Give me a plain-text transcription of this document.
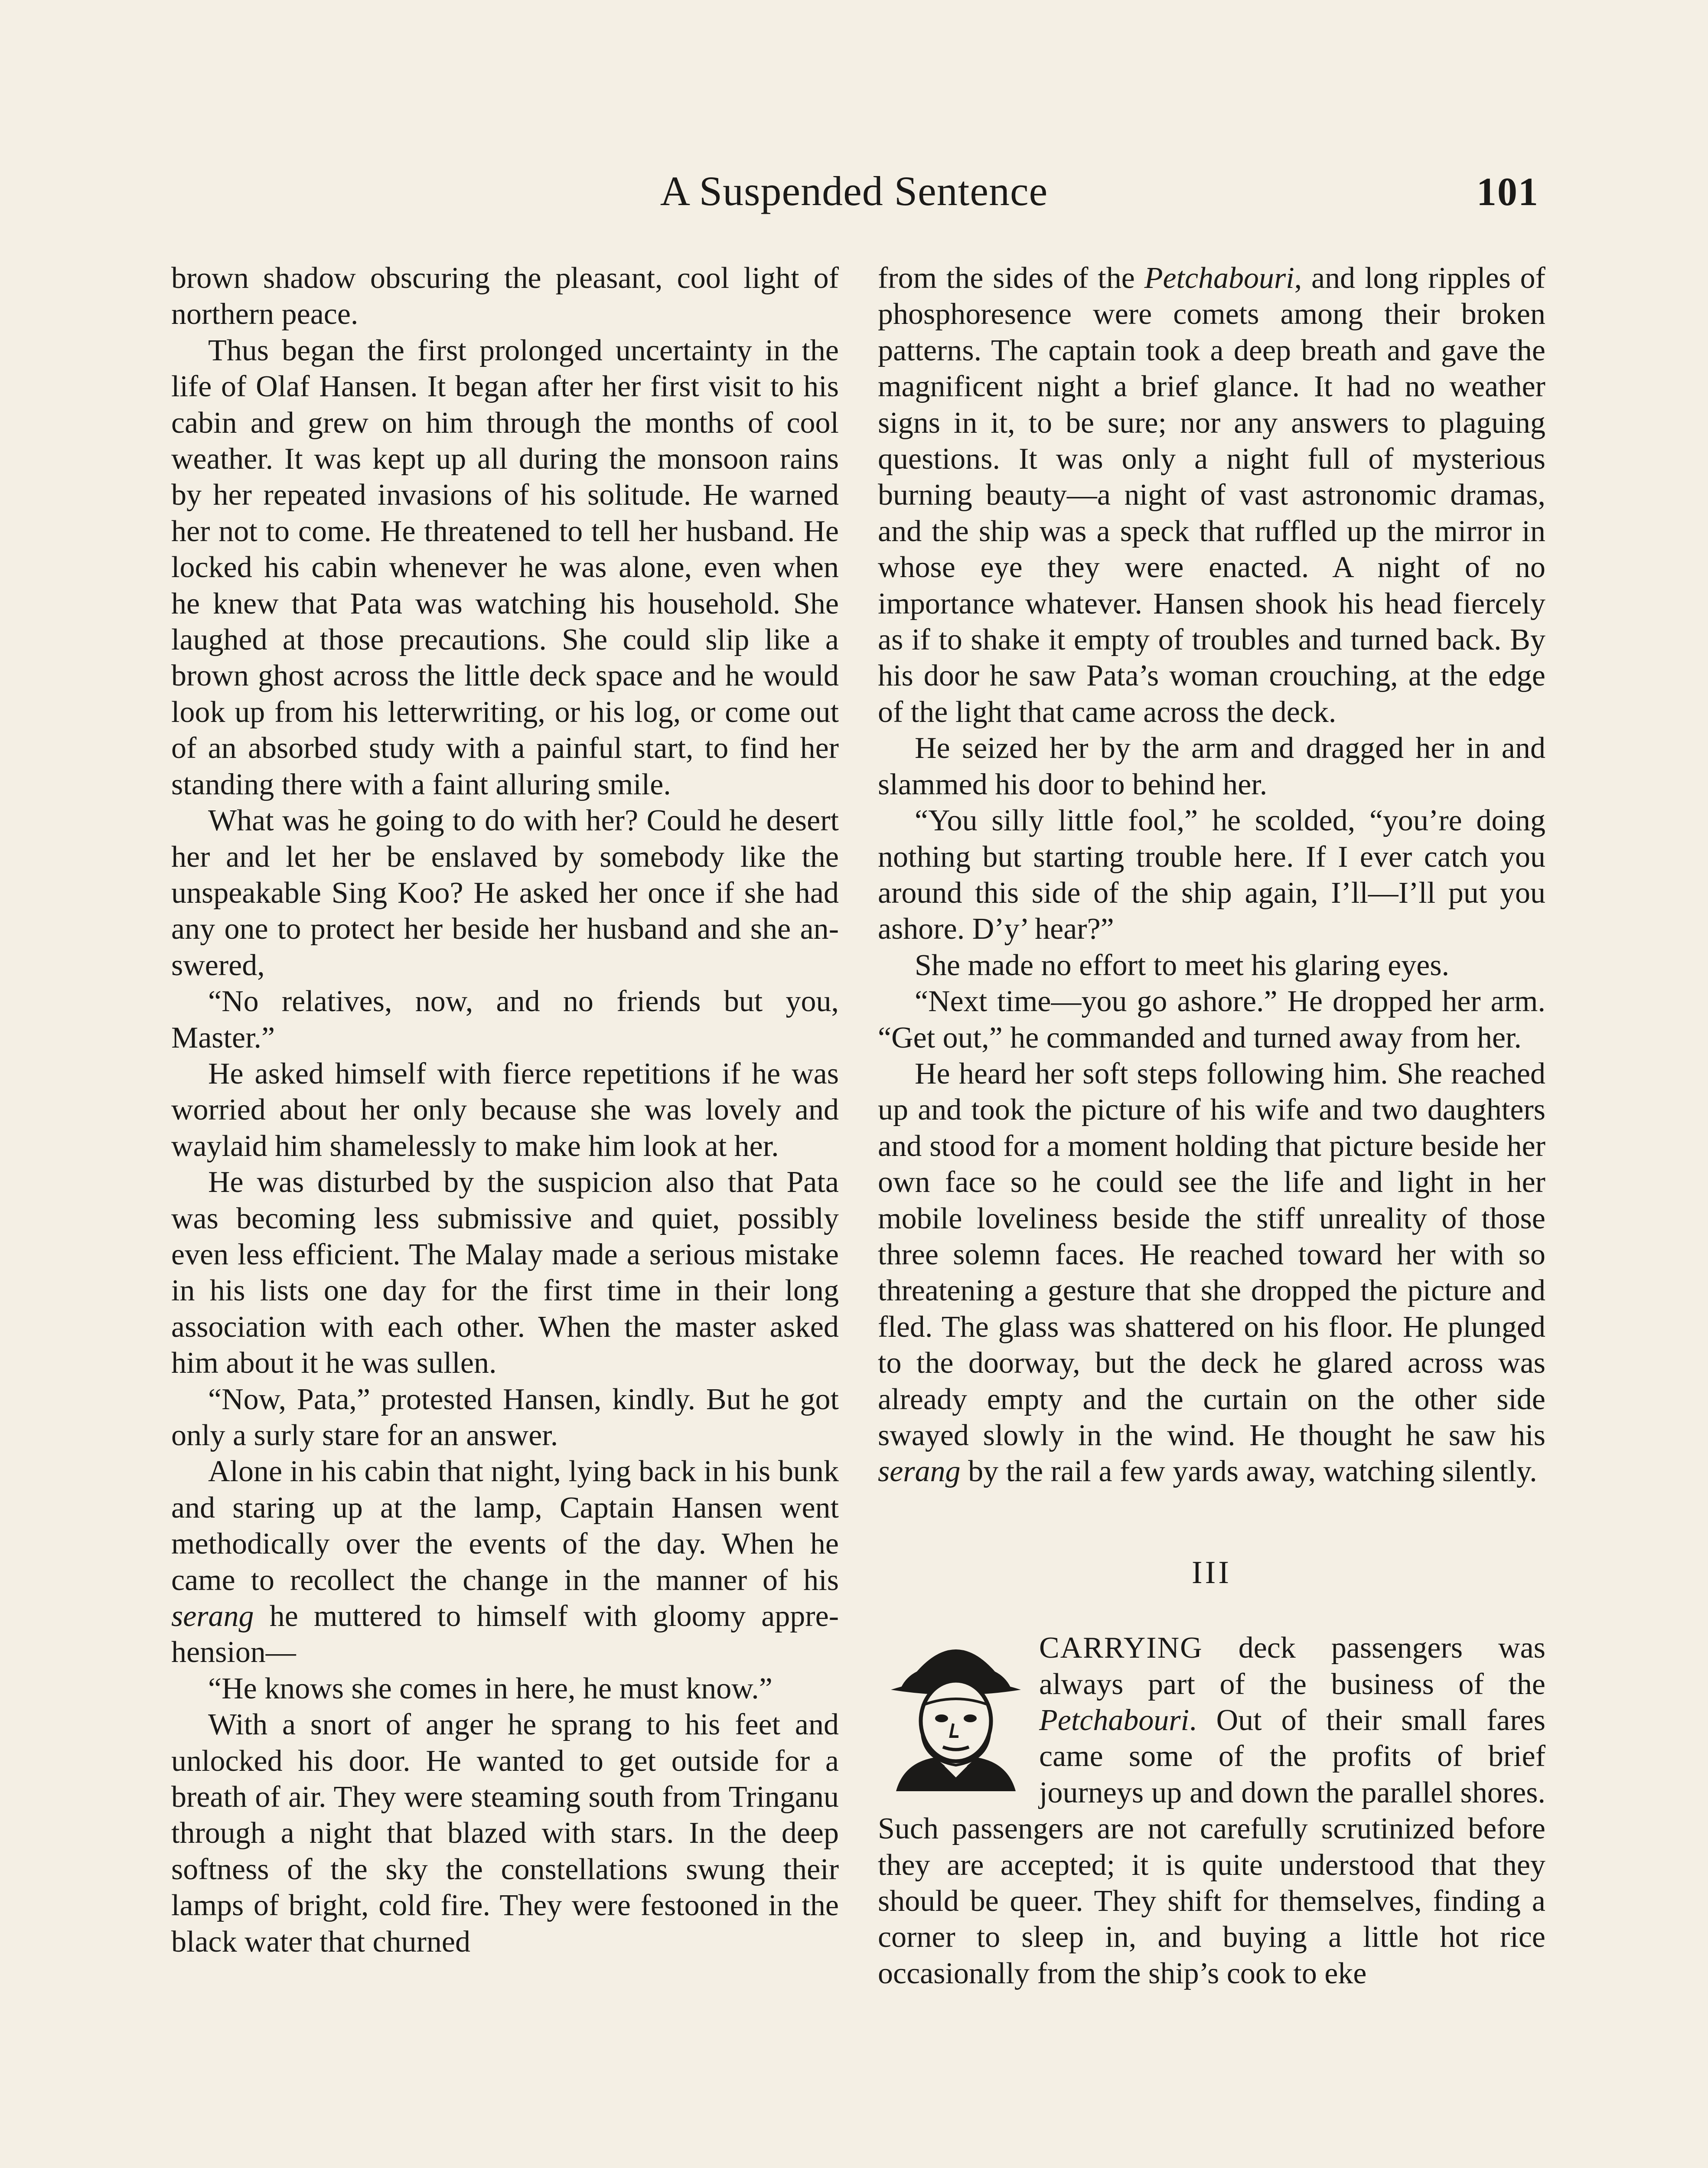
A Suspended Sentence	101

brown shadow obscuring the pleasant, cool light of northern peace.

Thus began the first prolonged uncertainty in the life of Olaf Hansen. It began after her first visit to his cabin and grew on him through the months of cool weather. It was kept up all during the monsoon rains by her repeated invasions of his solitude. He warned her not to come. He threatened to tell her husband. He locked his cabin whenever he was alone, even when he knew that Pata was watching his household. She laughed at those precautions. She could slip like a brown ghost across the little deck space and he would look up from his letterwriting, or his log, or come out of an absorbed study with a painful start, to find her standing there with a faint alluring smile.

What was he going to do with her? Could he desert her and let her be enslaved by somebody like the unspeakable Sing Koo? He asked her once if she had any one to protect her beside her husband and she answered,

“No relatives, now, and no friends but you, Master.”

He asked himself with fierce repetitions if he was worried about her only because she was lovely and waylaid him shamelessly to make him look at her.

He was disturbed by the suspicion also that Pata was becoming less submissive and quiet, possibly even less efficient. The Malay made a serious mistake in his lists one day for the first time in their long association with each other. When the master asked him about it he was sullen.

“Now, Pata,” protested Hansen, kindly. But he got only a surly stare for an answer.

Alone in his cabin that night, lying back in his bunk and staring up at the lamp, Captain Hansen went methodically over the events of the day. When he came to recollect the change in the manner of his serang he muttered to himself with gloomy apprehension—

“He knows she comes in here, he must know.”

With a snort of anger he sprang to his feet and unlocked his door. He wanted to get outside for a breath of air. They were steaming south from Tringanu through a night that blazed with stars. In the deep softness of the sky the constellations swung their lamps of bright, cold fire. They were festooned in the black water that churned

from the sides of the Petchabouri, and long ripples of phosphoresence were comets among their broken patterns. The captain took a deep breath and gave the magnificent night a brief glance. It had no weather signs in it, to be sure; nor any answers to plaguing questions. It was only a night full of mysterious burning beauty—a night of vast astronomic dramas, and the ship was a speck that ruffled up the mirror in whose eye they were enacted. A night of no importance whatever. Hansen shook his head fiercely as if to shake it empty of troubles and turned back. By his door he saw Pata’s woman crouching, at the edge of the light that came across the deck.

He seized her by the arm and dragged her in and slammed his door to behind her.

“You silly little fool,” he scolded, “you’re doing nothing but starting trouble here. If I ever catch you around this side of the ship again, I’ll—I’ll put you ashore. D’y’ hear?”

She made no effort to meet his glaring eyes.

“Next time—you go ashore.” He dropped her arm. “Get out,” he commanded and turned away from her.

He heard her soft steps following him. She reached up and took the picture of his wife and two daughters and stood for a moment holding that picture beside her own face so he could see the life and light in her mobile loveliness beside the stiff unreality of those three solemn faces. He reached toward her with so threatening a gesture that she dropped the picture and fled. The glass was shattered on his floor. He plunged to the doorway, but the deck he glared across was already empty and the curtain on the other side swayed slowly in the wind. He thought he saw his serang by the rail a few yards away, watching silently.

III

CARRYING deck passengers was always part of the business of the Petchabouri. Out of their small fares came some of the profits of brief journeys up and down the parallel shores. Such passengers are not carefully scrutinized before they are accepted; it is quite understood that they should be queer. They shift for themselves, finding a corner to sleep in, and buying a little hot rice occasionally from the ship’s cook to eke
